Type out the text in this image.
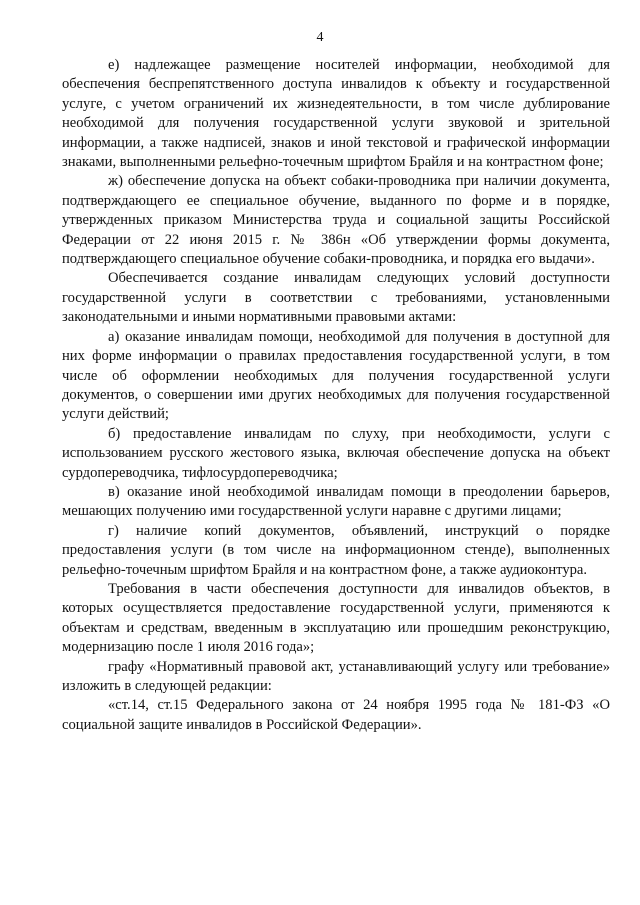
4

е) надлежащее размещение носителей информации, необходимой для обеспечения беспрепятственного доступа инвалидов к объекту и государственной услуге, с учетом ограничений их жизнедеятельности, в том числе дублирование необходимой для получения государственной услуги звуковой и зрительной информации, а также надписей, знаков и иной текстовой и графической информации знаками, выполненными рельефно-точечным шрифтом Брайля и на контрастном фоне;

ж) обеспечение допуска на объект собаки-проводника при наличии документа, подтверждающего ее специальное обучение, выданного по форме и в порядке, утвержденных приказом Министерства труда и социальной защиты Российской Федерации от 22 июня 2015 г. № 386н «Об утверждении формы документа, подтверждающего специальное обучение собаки-проводника, и порядка его выдачи».

Обеспечивается создание инвалидам следующих условий доступности государственной услуги в соответствии с требованиями, установленными законодательными и иными нормативными правовыми актами:

а) оказание инвалидам помощи, необходимой для получения в доступной для них форме информации о правилах предоставления государственной услуги, в том числе об оформлении необходимых для получения государственной услуги документов, о совершении ими других необходимых для получения государственной услуги действий;

б) предоставление инвалидам по слуху, при необходимости, услуги с использованием русского жестового языка, включая обеспечение допуска на объект сурдопереводчика, тифлосурдопереводчика;

в) оказание иной необходимой инвалидам помощи в преодолении барьеров, мешающих получению ими государственной услуги наравне с другими лицами;

г) наличие копий документов, объявлений, инструкций о порядке предоставления услуги (в том числе на информационном стенде), выполненных рельефно-точечным шрифтом Брайля и на контрастном фоне, а также аудиоконтура.

Требования в части обеспечения доступности для инвалидов объектов, в которых осуществляется предоставление государственной услуги, применяются к объектам и средствам, введенным в эксплуатацию или прошедшим реконструкцию, модернизацию после 1 июля 2016 года»;

графу «Нормативный правовой акт, устанавливающий услугу или требование» изложить в следующей редакции:

«ст.14, ст.15 Федерального закона от 24 ноября 1995 года № 181-ФЗ «О социальной защите инвалидов в Российской Федерации».
